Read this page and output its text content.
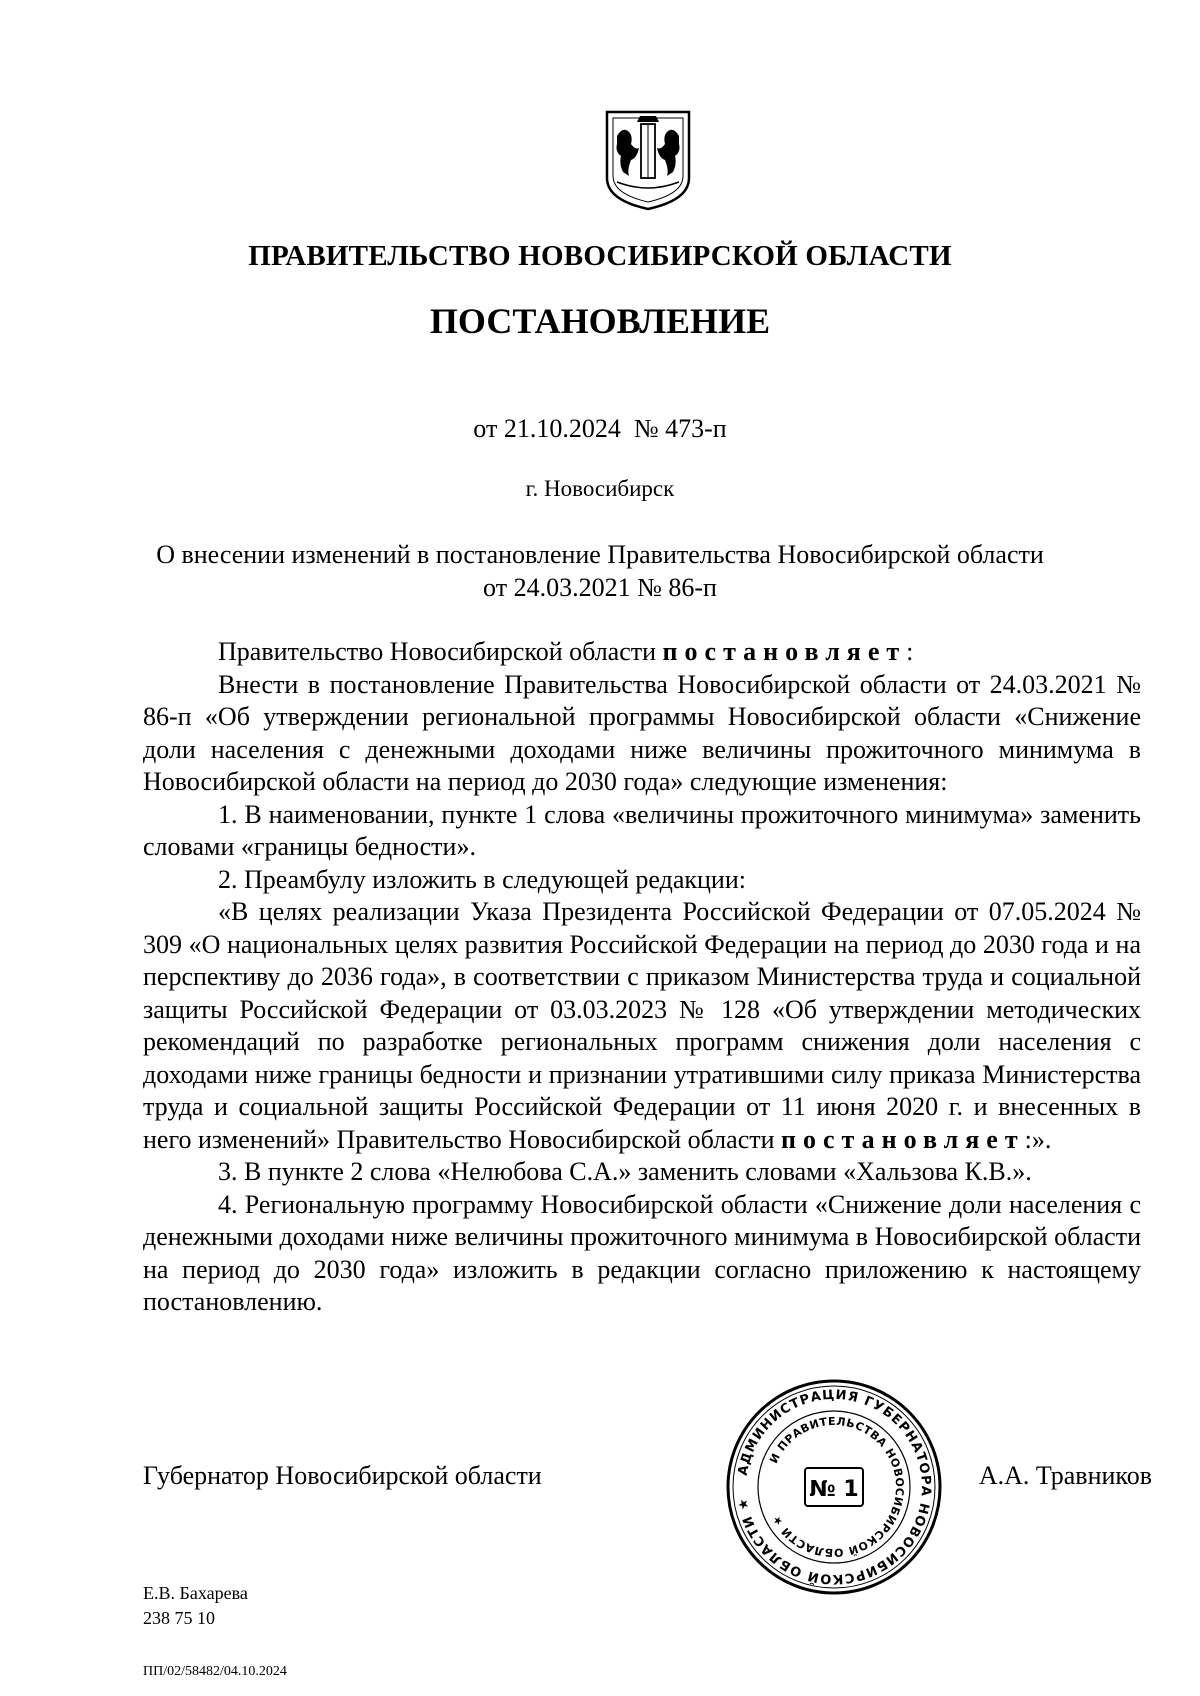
ПРАВИТЕЛЬСТВО НОВОСИБИРСКОЙ ОБЛАСТИ
ПОСТАНОВЛЕНИЕ
от 21.10.2024  № 473-п
г. Новосибирск
О внесении изменений в постановление Правительства Новосибирской области
от 24.03.2021 № 86-п

Правительство Новосибирской области постановляет:

Внести в постановление Правительства Новосибирской области от 24.03.2021 № 86-п «Об утверждении региональной программы Новосибирской области «Снижение доли населения с денежными доходами ниже величины прожиточного минимума в Новосибирской области на период до 2030 года» следующие изменения:

1. В наименовании, пункте 1 слова «величины прожиточного минимума» заменить словами «границы бедности».

2. Преамбулу изложить в следующей редакции:

«В целях реализации Указа Президента Российской Федерации от 07.05.2024 № 309 «О национальных целях развития Российской Федерации на период до 2030 года и на перспективу до 2036 года», в соответствии с приказом Министерства труда и социальной защиты Российской Федерации от 03.03.2023 № 128 «Об утверждении методических рекомендаций по разработке региональных программ снижения доли населения с доходами ниже границы бедности и признании утратившими силу приказа Министерства труда и социальной защиты Российской Федерации от 11 июня 2020 г. и внесенных в него изменений» Правительство Новосибирской области постановляет:».

3. В пункте 2 слова «Нелюбова С.А.» заменить словами «Хальзова К.В.».

4. Региональную программу Новосибирской области «Снижение доли населения с денежными доходами ниже величины прожиточного минимума в Новосибирской области на период до 2030 года» изложить в редакции согласно приложению к настоящему постановлению.

Губернатор Новосибирской области	АДМИНИСТРАЦИЯ ГУБЕРНАТОРА НОВОСИБИРСКОЙ ОБЛАСТИ ★
И ПРАВИТЕЛЬСТВА НОВОСИБИРСКОЙ ОБЛАСТИ ★
№ 1	А.А. Травников
Е.В. Бахарева
238 75 10
ПП/02/58482/04.10.2024
